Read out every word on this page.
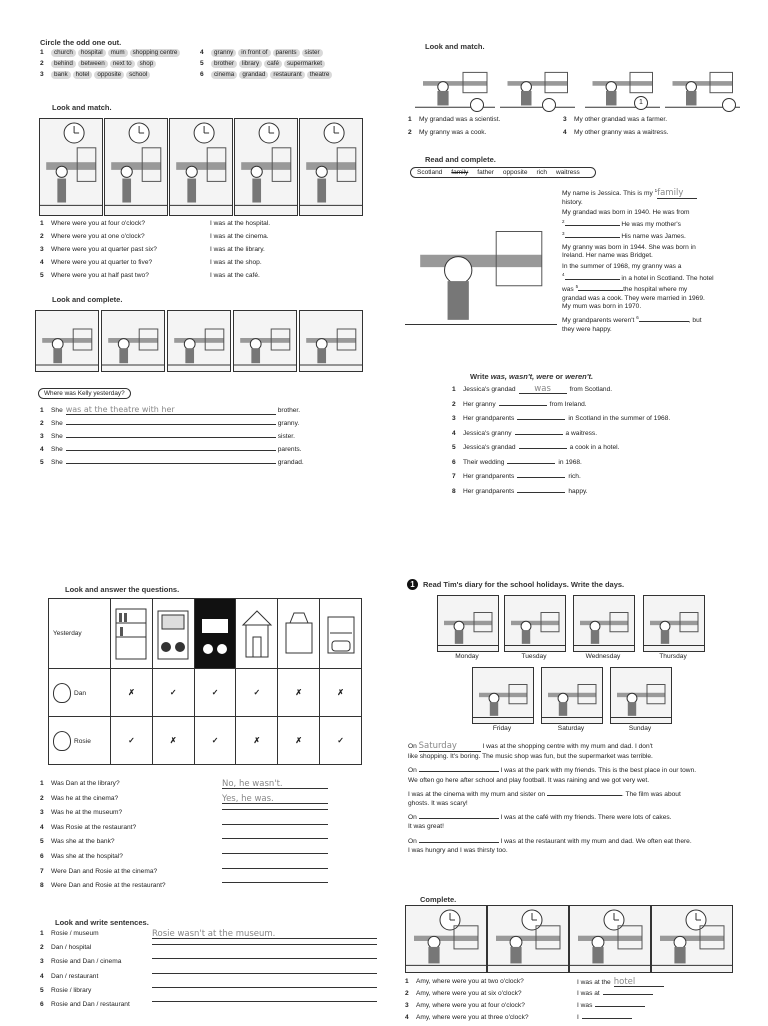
Circle the odd one out.
1 church hospital mum shopping centre
2 behind between next to shop
3 bank hotel opposite school
4 granny in front of parents sister
5 brother library café supermarket
6 cinema grandad restaurant theatre
Look and match.
1 Where were you at four o'clock?	I was at the hospital.
2 Where were you at one o'clock?	I was at the cinema.
3 Where were you at quarter past six?	I was at the library.
4 Where were you at quarter to five?	I was at the shop.
5 Where were you at half past two?	I was at the café.
Look and complete.
Where was Kelly yesterday?
1 She was at the theatre with her	brother.
2 She	granny.
3 She	sister.
4 She	parents.
5 She	grandad.
Look and match.
1 My grandad was a scientist.	3 My other grandad was a farmer.
2 My granny was a cook.	4 My other granny was a waitress.
Read and complete.
Scotland family father opposite rich waitress
My name is Jessica. This is my $^1$family
history.
My grandad was born in 1940. He was from
$^2$	He was my mother's
$^3$	His name was James.
My granny was born in 1944. She was born in
Ireland. Her name was Bridget.
In the summer of 1968, my granny was a
$^4$	in a hotel in Scotland. The hotel
was $^5$	the hospital where my
grandad was a cook. They were married in 1969.
My mum was born in 1970.
My grandparents weren't $^6$	, but
they were happy.
Write was, wasn't, were or weren't.
1 Jessica's grandad was	from Scotland.
2 Her granny	from Ireland.
3 Her grandparents	in Scotland in the summer of 1968.
4 Jessica's granny	a waitress.
5 Jessica's grandad	a cook in a hotel.
6 Their wedding	in 1968.
7 Her grandparents	rich.
8 Her grandparents	happy.
Look and answer the questions.
Yesterday						
Dan	✗	✓	✓	✓	✗	✗
Rosie	✓	✗	✓	✗	✗	✓
1 Was Dan at the library?	No, he wasn't.
2 Was he at the cinema?	Yes, he was.
3 Was he at the museum?
4 Was Rosie at the restaurant?
5 Was she at the bank?
6 Was she at the hospital?
7 Were Dan and Rosie at the cinema?
8 Were Dan and Rosie at the restaurant?
Look and write sentences.
1 Rosie / museum	Rosie wasn't at the museum.
2 Dan / hospital
3 Rosie and Dan / cinema
4 Dan / restaurant
5 Rosie / library
6 Rosie and Dan / restaurant
1	Read Tim's diary for the school holidays. Write the days.
Monday	Tuesday	Wednesday	Thursday
Friday	Saturday	Sunday
On Saturday	I was at the shopping centre with my mum and dad. I don't
like shopping. It's boring. The music shop was fun, but the supermarket was terrible.
On	I was at the park with my friends. This is the best place in our town.
We often go here after school and play football. It was raining and we got very wet.
I was at the cinema with my mum and sister on	. The film was about
ghosts. It was scary!
On	I was at the café with my friends. There were lots of cakes.
It was great!
On	I was at the restaurant with my mum and dad. We often eat there.
I was hungry and I was thirsty too.
Complete.
1 Amy, where were you at two o'clock?	I was at the hotel
2 Amy, where were you at six o'clock?	I was at
3 Amy, where were you at four o'clock?	I was
4 Amy, where were you at three o'clock?	I
1
